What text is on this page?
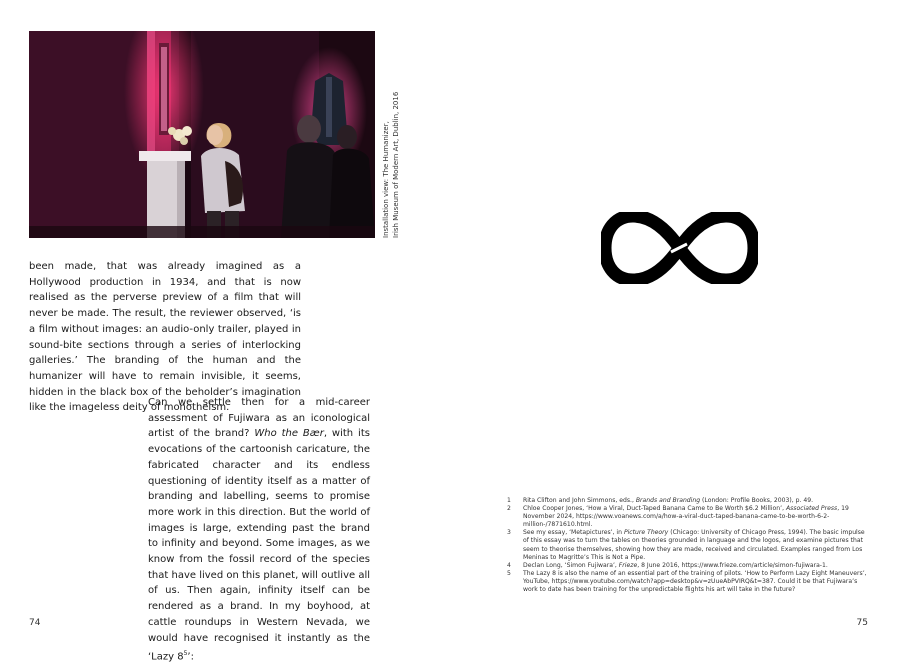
Installation view: The Humanizer, Irish Museum of Modern Art, Dublin, 2016

been made, that was already imagined as a Hollywood production in 1934, and that is now realised as the perverse preview of a film that will never be made. The result, the reviewer observed, ‘is a film without images: an audio-only trailer, played in sound-bite sections through a series of interlocking galleries.’ The branding of the human and the humanizer will have to remain invisible, it seems, hidden in the black box of the beholder’s imagination like the imageless deity of monotheism.

Can we settle then for a mid-career assessment of Fujiwara as an iconological artist of the brand? Who the Bær, with its evocations of the cartoonish caricature, the fabricated character and its endless questioning of identity itself as a matter of branding and labelling, seems to promise more work in this direction. But the world of images is large, extending past the brand to infinity and beyond. Some images, as we know from the fossil record of the species that have lived on this planet, will outlive all of us. Then again, infinity itself can be rendered as a brand. In my boyhood, at cattle roundups in Western Nevada, we would have recognised it instantly as the ‘Lazy $8^5$’:

74
1 Rita Clifton and John Simmons, eds., Brands and Branding (London: Profile Books, 2003), p. 49.
2 Chloe Cooper Jones, ‘How a Viral, Duct-Taped Banana Came to Be Worth $6.2 Million’, Associated Press, 19 November 2024, https://www.voanews.com/a/how-a-viral-duct-taped-banana-came-to-be-worth-6-2-million-/7871610.html.
3 See my essay, ‘Metapictures’, in Picture Theory (Chicago: University of Chicago Press, 1994). The basic impulse of this essay was to turn the tables on theories grounded in language and the logos, and examine pictures that seem to theorise themselves, showing how they are made, received and circulated. Examples ranged from Los Meninas to Magritte’s This is Not a Pipe.
4 Declan Long, ‘Simon Fujiwara’, Frieze, 8 June 2016, https://www.frieze.com/article/simon-fujiwara-1.
5 The Lazy 8 is also the name of an essential part of the training of pilots. ‘How to Perform Lazy Eight Maneuvers’, YouTube, https://www.youtube.com/watch?app=desktop&v=zUueAbPVIRQ&t=387. Could it be that Fujiwara’s work to date has been training for the unpredictable flights his art will take in the future?
75
